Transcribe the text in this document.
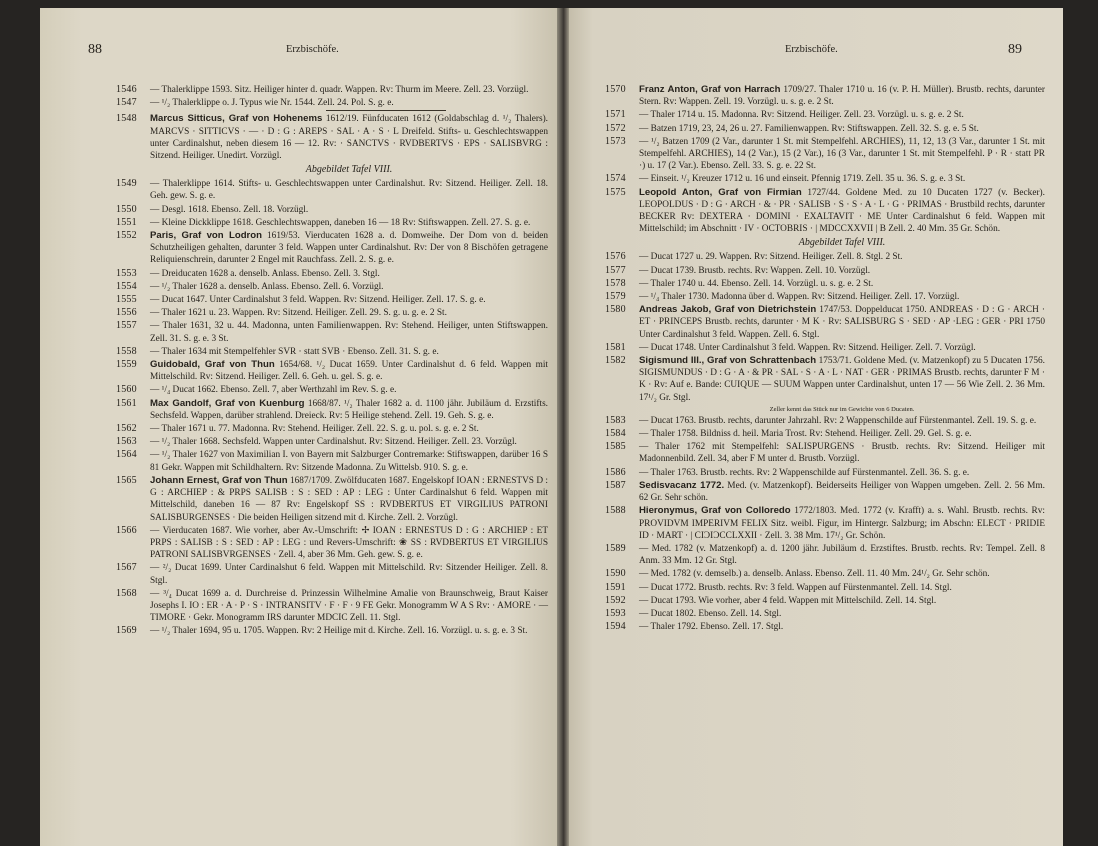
88	Erzbischöfe.
1546 — Thalerklippe 1593. Sitz. Heiliger hinter d. quadr. Wappen. Rv: Thurm im Meere. Zell. 23. Vorzügl.
1547 — ¹/₂ Thalerklippe o. J. Typus wie Nr. 1544. Zell. 24. Pol. S. g. e.
1548 Marcus Sitticus, Graf von Hohenems 1612/19. Fünfducaten 1612 (Goldabschlag d. ¹/₂ Thalers). MARCVS · SITTICVS · — · D : G : AREPS · SAL · A · S · L Dreifeld. Stifts- u. Geschlechtswappen unter Cardinalshut, neben diesem 16 — 12. Rv: · SANCTVS · RVDBERTVS · EPS · SALISBVRG : Sitzend. Heiliger. Unedirt. Vorzügl.
Abgebildet Tafel VIII.
1549 — Thalerklippe 1614. Stifts- u. Geschlechtswappen unter Cardinalshut. Rv: Sitzend. Heiliger. Zell. 18. Geh. gew. S. g. e.
1550 — Desgl. 1618. Ebenso. Zell. 18. Vorzügl.
1551 — Kleine Dickklippe 1618. Geschlechtswappen, daneben 16 — 18 Rv: Stiftswappen. Zell. 27. S. g. e.
1552 Paris, Graf von Lodron 1619/53. Vierducaten 1628 a. d. Domweihe. Der Dom von d. beiden Schutzheiligen gehalten, darunter 3 feld. Wappen unter Cardinalshut. Rv: Der von 8 Bischöfen getragene Reliquienschrein, darunter 2 Engel mit Rauchfass. Zell. 2. S. g. e.
1553 — Dreiducaten 1628 a. denselb. Anlass. Ebenso. Zell. 3. Stgl.
1554 — ¹/₂ Thaler 1628 a. denselb. Anlass. Ebenso. Zell. 6. Vorzügl.
1555 — Ducat 1647. Unter Cardinalshut 3 feld. Wappen. Rv: Sitzend. Heiliger. Zell. 17. S. g. e.
1556 — Thaler 1621 u. 23. Wappen. Rv: Sitzend. Heiliger. Zell. 29. S. g. u. g. e. 2 St.
1557 — Thaler 1631, 32 u. 44. Madonna, unten Familienwappen. Rv: Stehend. Heiliger, unten Stiftswappen. Zell. 31. S. g. e. 3 St.
1558 — Thaler 1634 mit Stempelfehler SVR · statt SVB · Ebenso. Zell. 31. S. g. e.
1559 Guidobald, Graf von Thun 1654/68. ¹/₂ Ducat 1659. Unter Cardinalshut d. 6 feld. Wappen mit Mittelschild. Rv: Sitzend. Heiliger. Zell. 6. Geh. u. gel. S. g. e.
1560 — ¹/₄ Ducat 1662. Ebenso. Zell. 7, aber Werthzahl im Rev. S. g. e.
1561 Max Gandolf, Graf von Kuenburg 1668/87. ¹/₂ Thaler 1682 a. d. 1100 jähr. Jubiläum d. Erzstifts. Sechsfeld. Wappen, darüber strahlend. Dreieck. Rv: 5 Heilige stehend. Zell. 19. Geh. S. g. e.
1562 — Thaler 1671 u. 77. Madonna. Rv: Stehend. Heiliger. Zell. 22. S. g. u. pol. s. g. e. 2 St.
1563 — ¹/₂ Thaler 1668. Sechsfeld. Wappen unter Cardinalshut. Rv: Sitzend. Heiliger. Zell. 23. Vorzügl.
1564 — ¹/₂ Thaler 1627 von Maximilian I. von Bayern mit Salzburger Contremarke: Stiftswappen, darüber 16 S 81 Gekr. Wappen mit Schildhaltern. Rv: Sitzende Madonna. Zu Wittelsb. 910. S. g. e.
1565 Johann Ernest, Graf von Thun 1687/1709. Zwölfducaten 1687. Engelskopf IOAN : ERNESTVS D : G : ARCHIEP : & PRPS SALISB : S : SED : AP : LEG : Unter Cardinalshut 6 feld. Wappen mit Mittelschild, daneben 16 — 87 Rv: Engelskopf SS : RVDBERTUS ET VIRGILIUS PATRONI SALISBURGENSES · Die beiden Heiligen sitzend mit d. Kirche. Zell. 2. Vorzügl.
1566 — Vierducaten 1687. Wie vorher, aber Av.-Umschrift: ✢ IOAN : ERNESTUS D : G : ARCHIEP : ET PRPS : SALISB : S : SED : AP : LEG : und Revers-Umschrift: ❀ SS : RVDBERTUS ET VIRGILIUS PATRONI SALISBVRGENSES · Zell. 4, aber 36 Mm. Geh. gew. S. g. e.
1567 — ²/₂ Ducat 1699. Unter Cardinalshut 6 feld. Wappen mit Mittelschild. Rv: Sitzender Heiliger. Zell. 8. Stgl.
1568 — ³/₄ Ducat 1699 a. d. Durchreise d. Prinzessin Wilhelmine Amalie von Braunschweig, Braut Kaiser Josephs I. IO : ER · A · P · S · INTRANSITV · F · F · 9 FE Gekr. Monogramm W A S Rv: · AMORE · — TIMORE · Gekr. Monogramm IRS darunter MDCIC Zell. 11. Stgl.
1569 — ¹/₂ Thaler 1694, 95 u. 1705. Wappen. Rv: 2 Heilige mit d. Kirche. Zell. 16. Vorzügl. u. s. g. e. 3 St.
Erzbischöfe.	89
1570 Franz Anton, Graf von Harrach 1709/27. Thaler 1710 u. 16 (v. P. H. Müller). Brustb. rechts, darunter Stern. Rv: Wappen. Zell. 19. Vorzügl. u. s. g. e. 2 St.
1571 — Thaler 1714 u. 15. Madonna. Rv: Sitzend. Heiliger. Zell. 23. Vorzügl. u. s. g. e. 2 St.
1572 — Batzen 1719, 23, 24, 26 u. 27. Familienwappen. Rv: Stiftswappen. Zell. 32. S. g. e. 5 St.
1573 — ¹/₂ Batzen 1709 (2 Var., darunter 1 St. mit Stempelfehl. ARCHIES), 11, 12, 13 (3 Var., darunter 1 St. mit Stempelfehl. ARCHIES), 14 (2 Var.), 15 (2 Var.), 16 (3 Var., darunter 1 St. mit Stempelfehl. P · R · statt PR ·) u. 17 (2 Var.). Ebenso. Zell. 33. S. g. e. 22 St.
1574 — Einseit. ¹/₂ Kreuzer 1712 u. 16 und einseit. Pfennig 1719. Zell. 35 u. 36. S. g. e. 3 St.
1575 Leopold Anton, Graf von Firmian 1727/44. Goldene Med. zu 10 Ducaten 1727 (v. Becker). LEOPOLDUS · D : G · ARCH · & · PR · SALISB · S · S · A · L · G · PRIMAS · Brustbild rechts, darunter BECKER Rv: DEXTERA · DOMINI · EXALTAVIT · ME Unter Cardinalshut 6 feld. Wappen mit Mittelschild; im Abschnitt · IV · OCTOBRIS · | MDCCXXVII | B Zell. 2. 40 Mm. 35 Gr. Schön.
Abgebildet Tafel VIII.
1576 — Ducat 1727 u. 29. Wappen. Rv: Sitzend. Heiliger. Zell. 8. Stgl. 2 St.
1577 — Ducat 1739. Brustb. rechts. Rv: Wappen. Zell. 10. Vorzügl.
1578 — Thaler 1740 u. 44. Ebenso. Zell. 14. Vorzügl. u. s. g. e. 2 St.
1579 — ¹/₄ Thaler 1730. Madonna über d. Wappen. Rv: Sitzend. Heiliger. Zell. 17. Vorzügl.
1580 Andreas Jakob, Graf von Dietrichstein 1747/53. Doppelducat 1750. ANDREAS · D : G · ARCH · ET · PRINCEPS Brustb. rechts, darunter · M K · Rv: SALISBURG S · SED · AP ·LEG : GER · PRI 1750 Unter Cardinalshut 3 feld. Wappen. Zell. 6. Stgl.
1581 — Ducat 1748. Unter Cardinalshut 3 feld. Wappen. Rv: Sitzend. Heiliger. Zell. 7. Vorzügl.
1582 Sigismund III., Graf von Schrattenbach 1753/71. Goldene Med. (v. Matzenkopf) zu 5 Ducaten 1756. SIGISMUNDUS · D : G · A · & PR · SAL · S · A · L · NAT · GER · PRIMAS Brustb. rechts, darunter F M · K · Rv: Auf e. Bande: CUIQUE — SUUM Wappen unter Cardinalshut, unten 17 — 56 Wie Zell. 2. 36 Mm. 17¹/₂ Gr. Stgl.
Zeller kennt das Stück nur im Gewichte von 6 Ducaten.
1583 — Ducat 1763. Brustb. rechts, darunter Jahrzahl. Rv: 2 Wappenschilde auf Fürstenmantel. Zell. 19. S. g. e.
1584 — Thaler 1758. Bildniss d. heil. Maria Trost. Rv: Stehend. Heiliger. Zell. 29. Gel. S. g. e.
1585 — Thaler 1762 mit Stempelfehl: SALISPURGENS · Brustb. rechts. Rv: Sitzend. Heiliger mit Madonnenbild. Zell. 34, aber F M unter d. Brustb. Vorzügl.
1586 — Thaler 1763. Brustb. rechts. Rv: 2 Wappenschilde auf Fürstenmantel. Zell. 36. S. g. e.
1587 Sedisvacanz 1772. Med. (v. Matzenkopf). Beiderseits Heiliger von Wappen umgeben. Zell. 2. 56 Mm. 62 Gr. Sehr schön.
1588 Hieronymus, Graf von Colloredo 1772/1803. Med. 1772 (v. Krafft) a. s. Wahl. Brustb. rechts. Rv: PROVIDVM IMPERIVM FELIX Sitz. weibl. Figur, im Hintergr. Salzburg; im Abschn: ELECT · PRIDIE ID · MART · | CIƆIƆCCLXXII · Zell. 3. 38 Mm. 17¹/₂ Gr. Schön.
1589 — Med. 1782 (v. Matzenkopf) a. d. 1200 jähr. Jubiläum d. Erzstiftes. Brustb. rechts. Rv: Tempel. Zell. 8 Anm. 33 Mm. 12 Gr. Stgl.
1590 — Med. 1782 (v. demselb.) a. denselb. Anlass. Ebenso. Zell. 11. 40 Mm. 24¹/₂ Gr. Sehr schön.
1591 — Ducat 1772. Brustb. rechts. Rv: 3 feld. Wappen auf Fürstenmantel. Zell. 14. Stgl.
1592 — Ducat 1793. Wie vorher, aber 4 feld. Wappen mit Mittelschild. Zell. 14. Stgl.
1593 — Ducat 1802. Ebenso. Zell. 14. Stgl.
1594 — Thaler 1792. Ebenso. Zell. 17. Stgl.
